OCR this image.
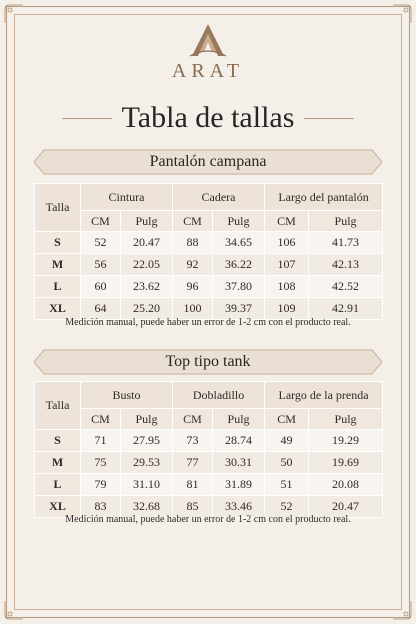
ARAT
Tabla de tallas
Pantalón campana
Talla	Cintura		Cadera		Largo del pantalón	
	CM	Pulg	CM	Pulg	CM	Pulg
S	52	20.47	88	34.65	106	41.73
M	56	22.05	92	36.22	107	42.13
L	60	23.62	96	37.80	108	42.52
XL	64	25.20	100	39.37	109	42.91
Medición manual, puede haber un error de 1-2 cm con el producto real.
Top tipo tank
Talla	Busto		Dobladillo		Largo de la prenda	
	CM	Pulg	CM	Pulg	CM	Pulg
S	71	27.95	73	28.74	49	19.29
M	75	29.53	77	30.31	50	19.69
L	79	31.10	81	31.89	51	20.08
XL	83	32.68	85	33.46	52	20.47
Medición manual, puede haber un error de 1-2 cm con el producto real.
